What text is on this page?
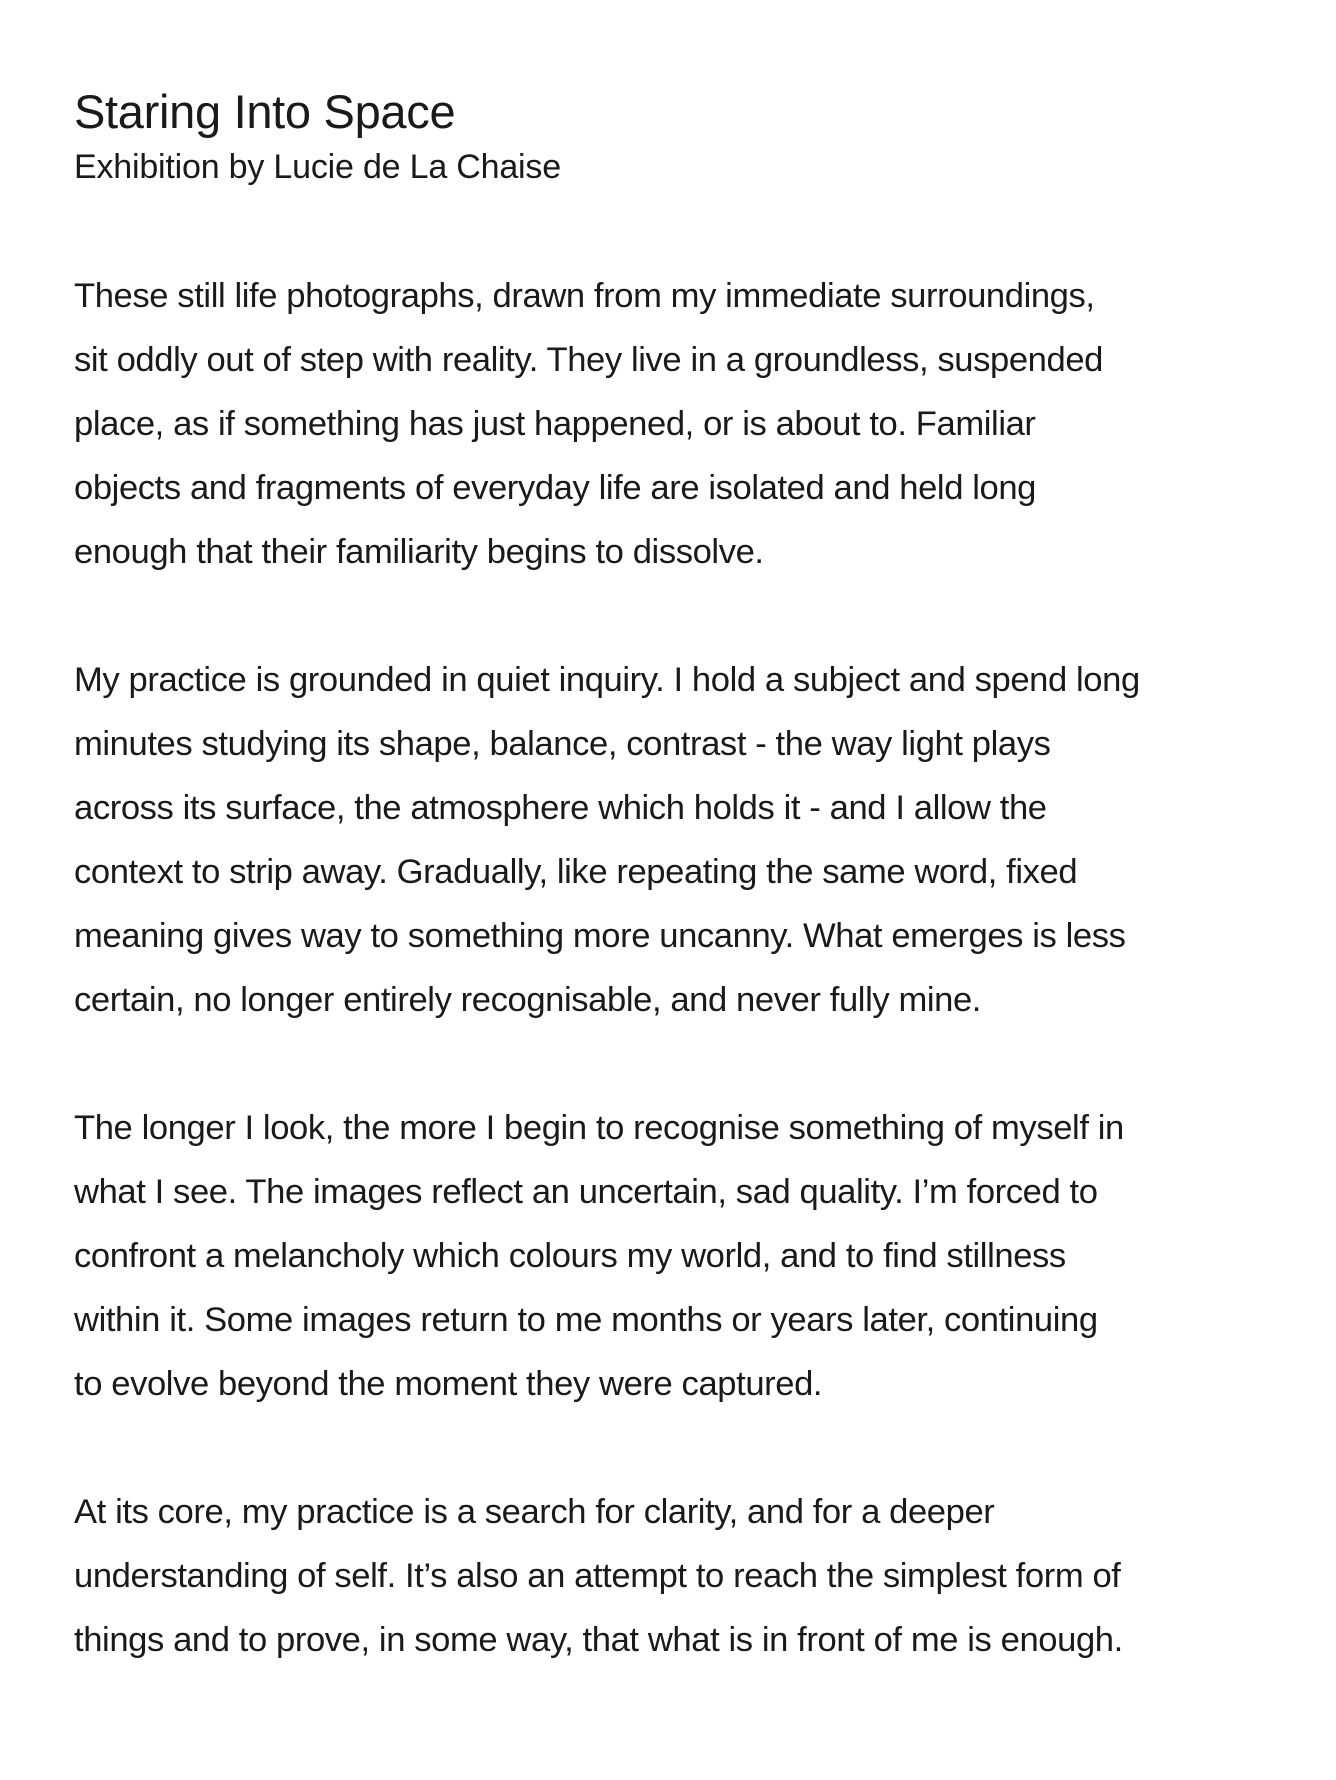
Staring Into Space

Exhibition by Lucie de La Chaise

These still life photographs, drawn from my immediate surroundings,
sit oddly out of step with reality. They live in a groundless, suspended
place, as if something has just happened, or is about to. Familiar
objects and fragments of everyday life are isolated and held long
enough that their familiarity begins to dissolve.

My practice is grounded in quiet inquiry. I hold a subject and spend long
minutes studying its shape, balance, contrast - the way light plays
across its surface, the atmosphere which holds it - and I allow the
context to strip away. Gradually, like repeating the same word, fixed
meaning gives way to something more uncanny. What emerges is less
certain, no longer entirely recognisable, and never fully mine.

The longer I look, the more I begin to recognise something of myself in
what I see. The images reflect an uncertain, sad quality. I’m forced to
confront a melancholy which colours my world, and to find stillness
within it. Some images return to me months or years later, continuing
to evolve beyond the moment they were captured.

At its core, my practice is a search for clarity, and for a deeper
understanding of self. It’s also an attempt to reach the simplest form of
things and to prove, in some way, that what is in front of me is enough.
